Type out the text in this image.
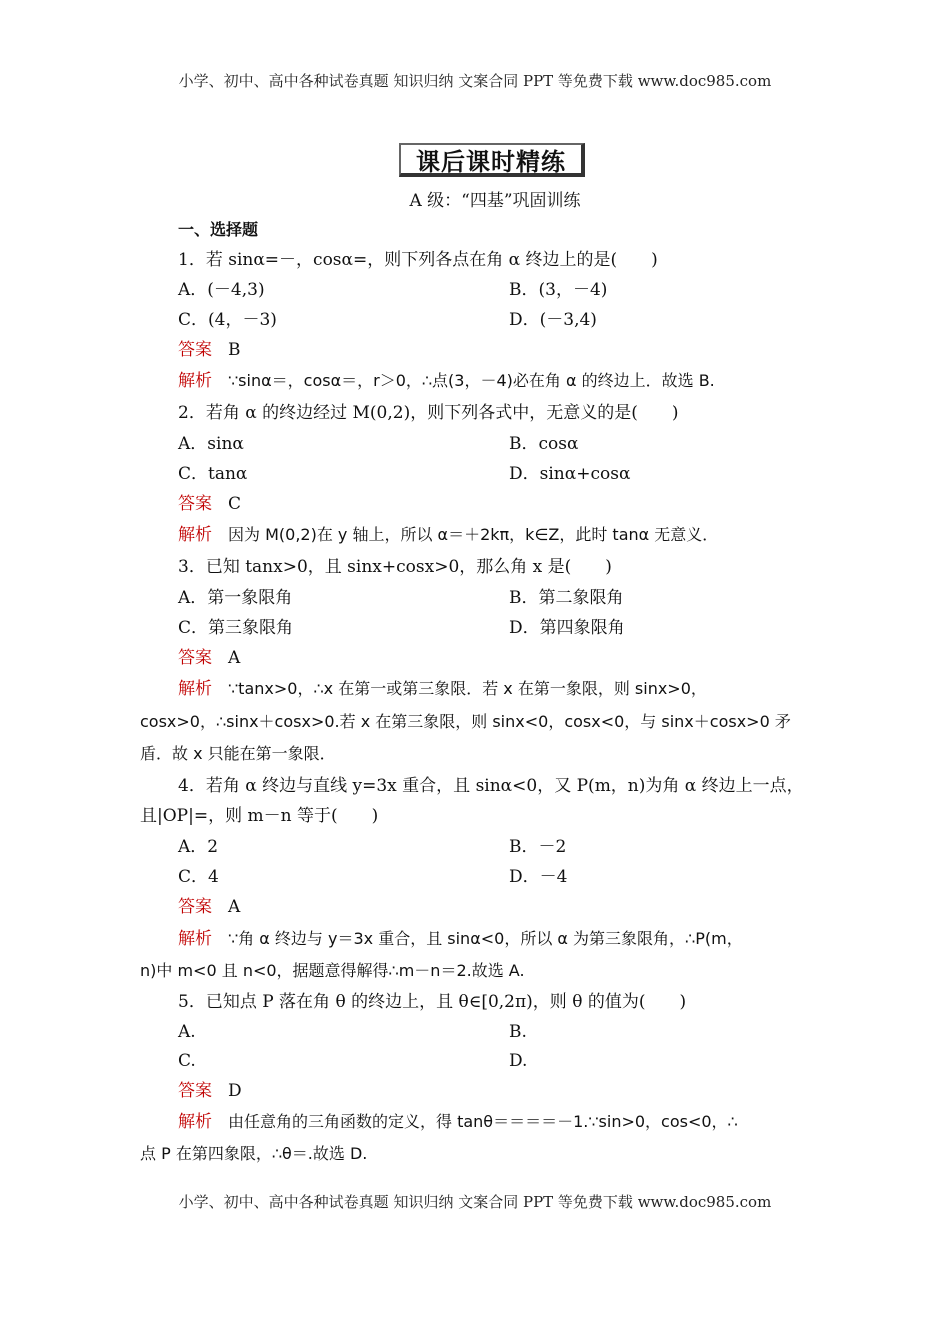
小学、初中、高中各种试卷真题 知识归纳 文案合同 PPT 等免费下载 www.doc985.com
课后课时精练
A 级：“四基”巩固训练
一、选择题
1．若 sinα=－，cosα=，则下列各点在角 α 终边上的是(　　)
A．(－4,3)	B．(3，－4)
C．(4，－3)	D．(－3,4)
答案 B
解析 ∵sinα＝，cosα＝，r＞0，∴点(3，－4)必在角 α 的终边上．故选 B.
2．若角 α 的终边经过 M(0,2)，则下列各式中，无意义的是(　　)
A．sinα	B．cosα
C．tanα	D．sinα+cosα
答案 C
解析 因为 M(0,2)在 y 轴上，所以 α＝＋2kπ，k∈Z，此时 tanα 无意义．
3．已知 tanx>0，且 sinx+cosx>0，那么角 x 是(　　)
A．第一象限角	B．第二象限角
C．第三象限角	D．第四象限角
答案 A
解析 ∵tanx>0，∴x 在第一或第三象限．若 x 在第一象限，则 sinx>0，
cosx>0，∴sinx＋cosx>0.若 x 在第三象限，则 sinx<0，cosx<0，与 sinx＋cosx>0 矛
盾．故 x 只能在第一象限．
4．若角 α 终边与直线 y=3x 重合，且 sinα<0，又 P(m，n)为角 α 终边上一点，
且|OP|=，则 m－n 等于(　　)
A．2	B．－2
C．4	D．－4
答案 A
解析 ∵角 α 终边与 y＝3x 重合，且 sinα<0，所以 α 为第三象限角，∴P(m，
n)中 m<0 且 n<0，据题意得解得∴m－n＝2.故选 A.
5．已知点 P 落在角 θ 的终边上，且 θ∈[0,2π)，则 θ 的值为(　　)
A.	B.
C.	D.
答案 D
解析 由任意角的三角函数的定义，得 tanθ＝＝＝＝－1.∵sin>0，cos<0，∴
点 P 在第四象限，∴θ＝.故选 D.
小学、初中、高中各种试卷真题 知识归纳 文案合同 PPT 等免费下载 www.doc985.com
